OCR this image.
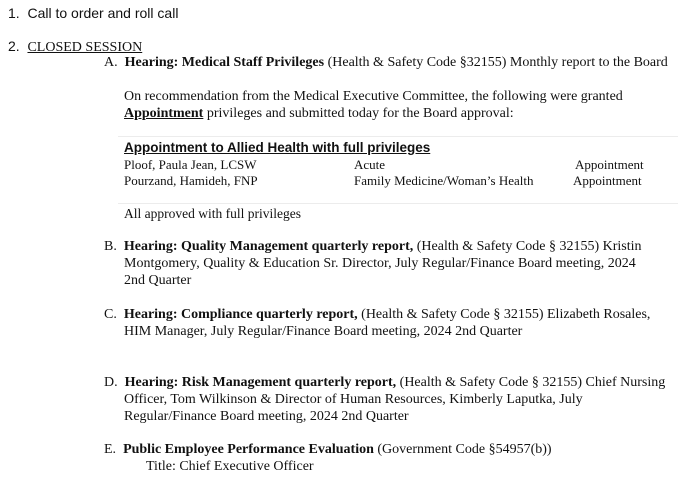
1. Call to order and roll call
2. CLOSED SESSION
A. Hearing: Medical Staff Privileges (Health & Safety Code §32155) Monthly report to the Board
On recommendation from the Medical Executive Committee, the following were granted
Appointment privileges and submitted today for the Board approval:
Appointment to Allied Health with full privileges
Ploof, Paula Jean, LCSW	Acute	Appointment
Pourzand, Hamideh, FNP	Family Medicine/Woman’s Health	Appointment
All approved with full privileges
B. Hearing: Quality Management quarterly report, (Health & Safety Code § 32155) Kristin
Montgomery, Quality & Education Sr. Director, July Regular/Finance Board meeting, 2024
2nd Quarter
C. Hearing: Compliance quarterly report, (Health & Safety Code § 32155) Elizabeth Rosales,
HIM Manager, July Regular/Finance Board meeting, 2024 2nd Quarter
D. Hearing: Risk Management quarterly report, (Health & Safety Code § 32155) Chief Nursing
Officer, Tom Wilkinson & Director of Human Resources, Kimberly Laputka, July
Regular/Finance Board meeting, 2024 2nd Quarter
E. Public Employee Performance Evaluation (Government Code §54957(b))
Title: Chief Executive Officer
